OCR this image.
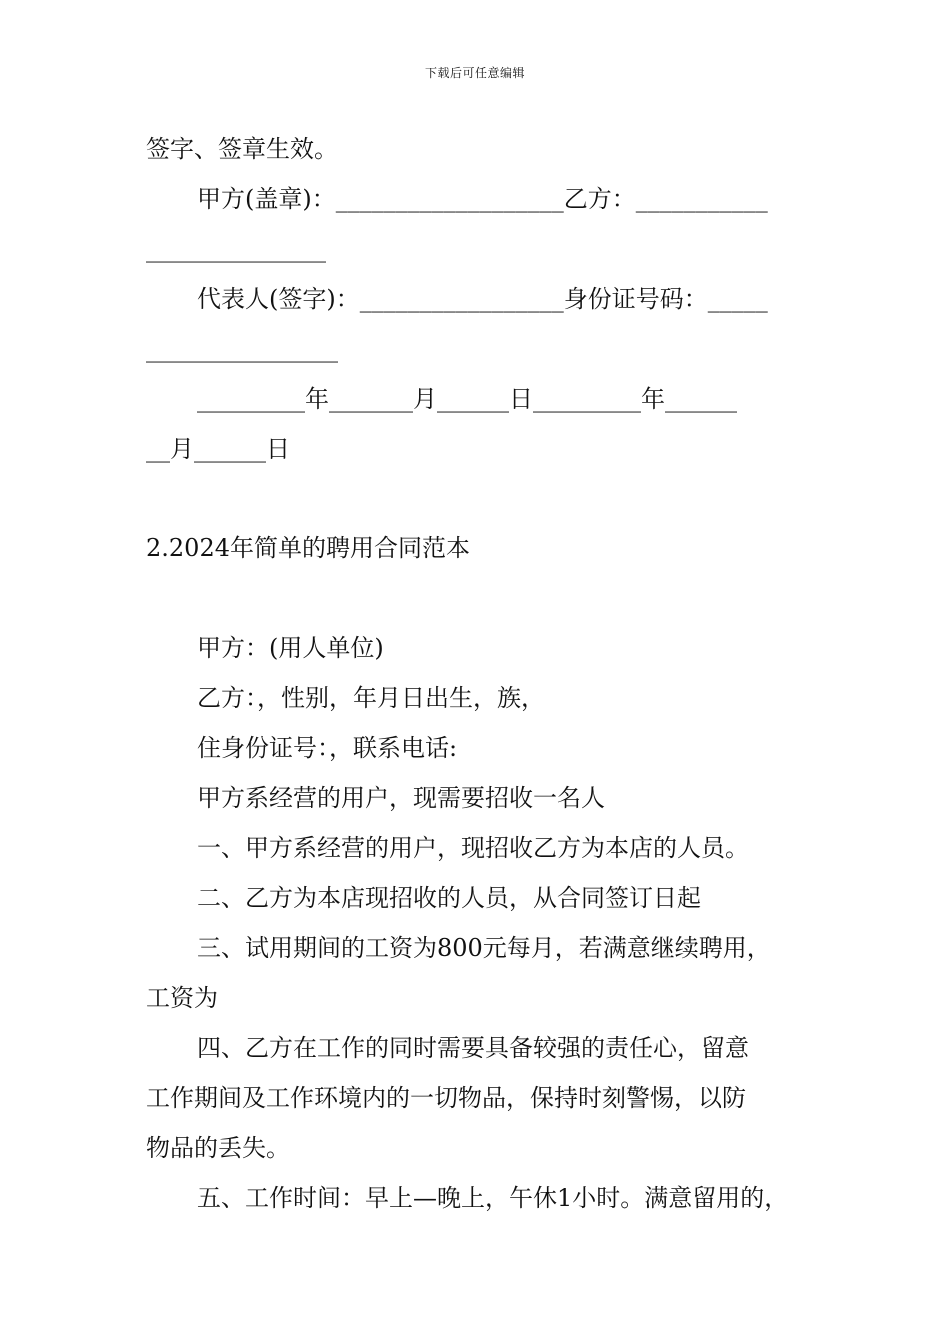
下载后可任意编辑
签字、签章生效。
甲方(盖章)：___________________乙方：___________
_______________
代表人(签字)：_________________身份证号码：_____
________________
_________年_______月______日_________年______
__月______日
2.2024年简单的聘用合同范本
甲方：(用人单位)
乙方：，性别，年月日出生，族，
住身份证号：，联系电话:
甲方系经营的用户，现需要招收一名人
一、甲方系经营的用户，现招收乙方为本店的人员。
二、乙方为本店现招收的人员，从合同签订日起
三、试用期间的工资为800元每月，若满意继续聘用，
工资为
四、乙方在工作的同时需要具备较强的责任心，留意
工作期间及工作环境内的一切物品，保持时刻警惕，以防
物品的丢失。
五、工作时间：早上—晚上，午休1小时。满意留用的，
